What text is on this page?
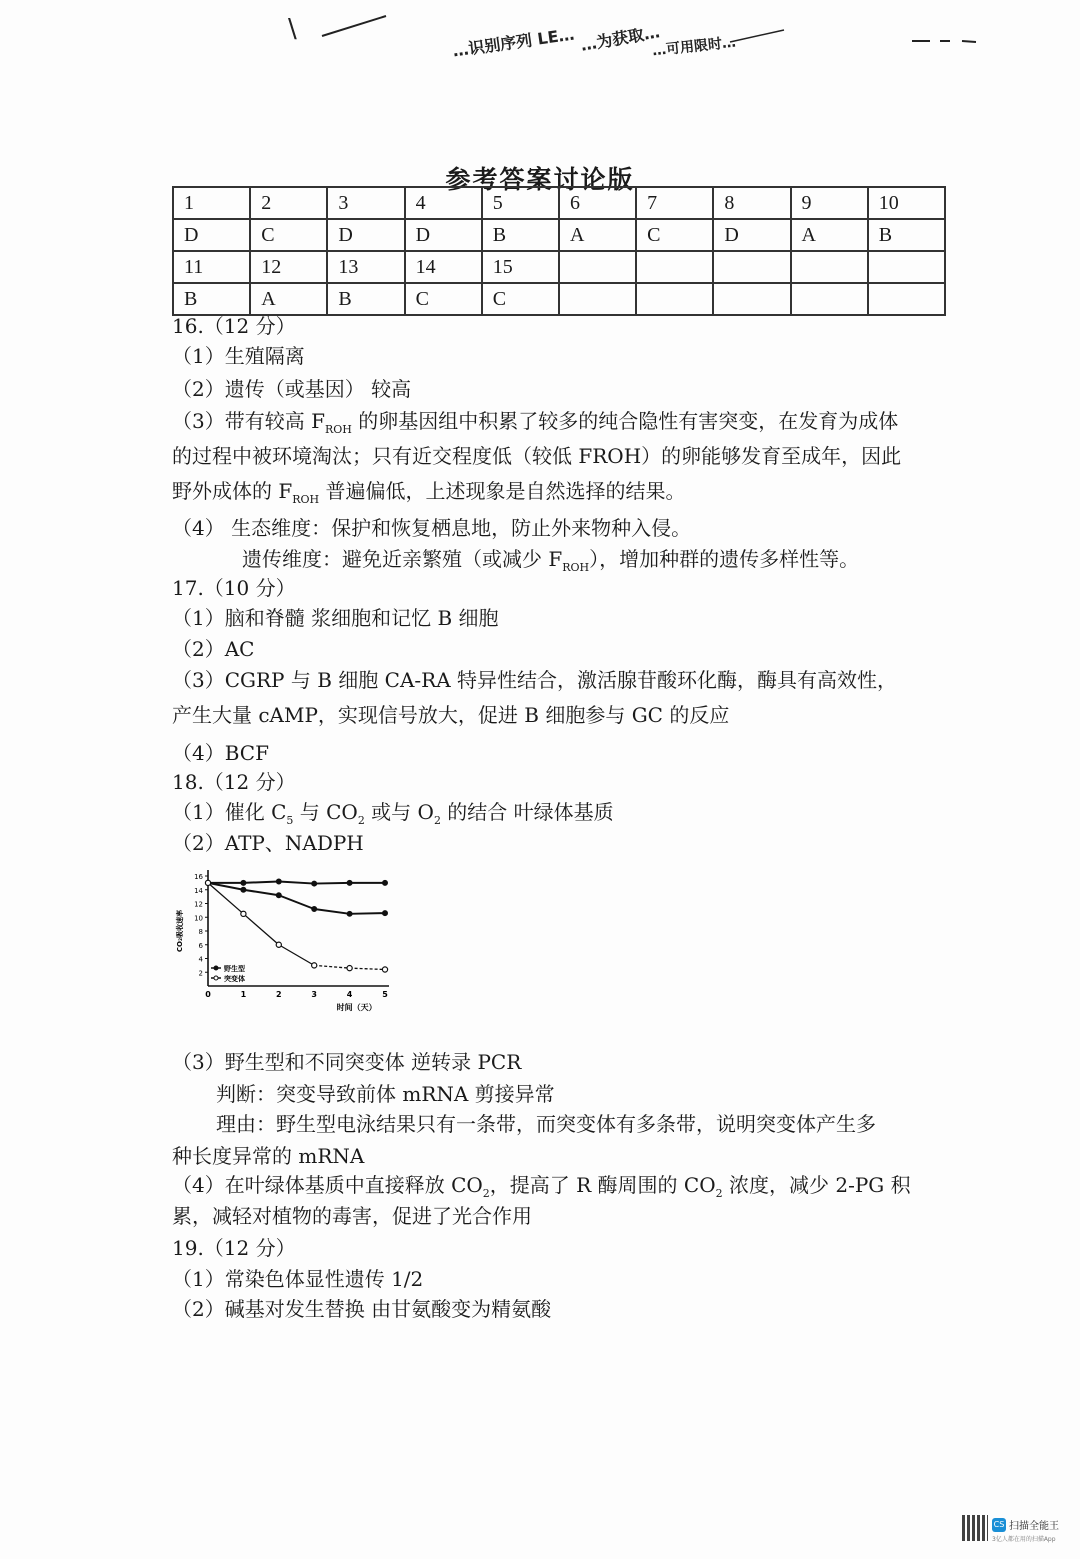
\	…识别序列 LE… …为获取…
…可用限时…
参考答案讨论版
1	2	3	4	5	6	7	8	9	10
D	C	D	D	B	A	C	D	A	B
11	12	13	14	15					
B	A	B	C	C					
16.（12 分）
（1）生殖隔离
（2）遗传（或基因） 较高
（3）带有较高 $F_{ROH}$ 的卵基因组中积累了较多的纯合隐性有害突变，在发育为成体
的过程中被环境淘汰；只有近交程度低（较低 FROH）的卵能够发育至成年，因此
野外成体的 $F_{ROH}$ 普遍偏低，上述现象是自然选择的结果。
（4） 生态维度：保护和恢复栖息地，防止外来物种入侵。
遗传维度：避免近亲繁殖（或减少 $F_{ROH}$），增加种群的遗传多样性等。
17.（10 分）
（1）脑和脊髓 浆细胞和记忆 B 细胞
（2）AC
（3）CGRP 与 B 细胞 CA-RA 特异性结合，激活腺苷酸环化酶，酶具有高效性，
产生大量 cAMP，实现信号放大，促进 B 细胞参与 GC 的反应
（4）BCF
18.（12 分）
（1）催化 $C_5$ 与 $CO_2$ 或与 $O_2$ 的结合 叶绿体基质
（2）ATP、NADPH
2
4
6
8
10
12
14
16
0	1	2	3	4	5
时间（天）
CO₂吸收速率
野生型
突变体
（3）野生型和不同突变体 逆转录 PCR
判断：突变导致前体 mRNA 剪接异常
理由：野生型电泳结果只有一条带，而突变体有多条带，说明突变体产生多
种长度异常的 mRNA
（4）在叶绿体基质中直接释放 $CO_2$，提高了 R 酶周围的 $CO_2$ 浓度，减少 2-PG 积
累，减轻对植物的毒害，促进了光合作用
19.（12 分）
（1）常染色体显性遗传 1/2
（2）碱基对发生替换 由甘氨酸变为精氨酸
CS 扫描全能王
3亿人都在用的扫描App
